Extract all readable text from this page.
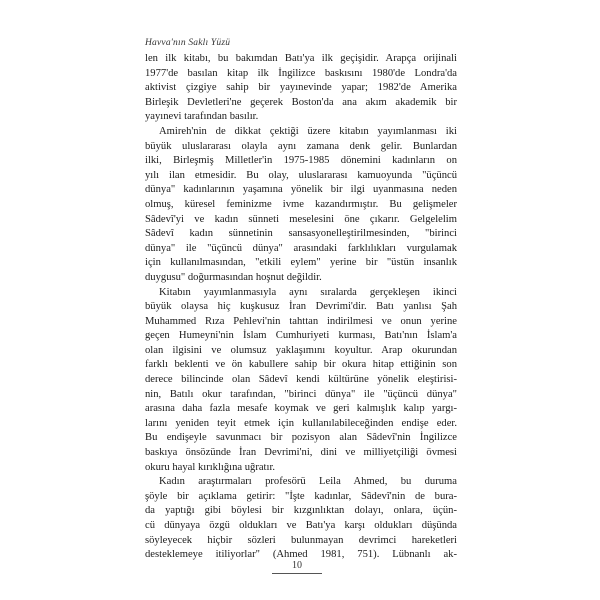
Havva'nın Saklı Yüzü
len ilk kitabı, bu bakımdan Batı'ya ilk geçişidir. Arapça orijinali
1977'de basılan kitap ilk İngilizce baskısını 1980'de Londra'da
aktivist çizgiye sahip bir yayınevinde yapar; 1982'de Amerika
Birleşik Devletleri'ne geçerek Boston'da ana akım akademik bir
yayınevi tarafından basılır.
Amireh'nin de dikkat çektiği üzere kitabın yayımlanması iki
büyük uluslararası olayla aynı zamana denk gelir. Bunlardan
ilki, Birleşmiş Milletler'in 1975-1985 dönemini kadınların on
yılı ilan etmesidir. Bu olay, uluslararası kamuoyunda "üçüncü
dünya" kadınlarının yaşamına yönelik bir ilgi uyanmasına neden
olmuş, küresel feminizme ivme kazandırmıştır. Bu gelişmeler
Sâdevî'yi ve kadın sünneti meselesini öne çıkarır. Gelgelelim
Sâdevî kadın sünnetinin sansasyonelleştirilmesinden, "birinci
dünya" ile "üçüncü dünya" arasındaki farklılıkları vurgulamak
için kullanılmasından, "etkili eylem" yerine bir "üstün insanlık
duygusu" doğurmasından hoşnut değildir.
Kitabın yayımlanmasıyla aynı sıralarda gerçekleşen ikinci
büyük olaysa hiç kuşkusuz İran Devrimi'dir. Batı yanlısı Şah
Muhammed Rıza Pehlevi'nin tahttan indirilmesi ve onun yerine
geçen Humeyni'nin İslam Cumhuriyeti kurması, Batı'nın İslam'a
olan ilgisini ve olumsuz yaklaşımını koyultur. Arap okurundan
farklı beklenti ve ön kabullere sahip bir okura hitap ettiğinin son
derece bilincinde olan Sâdevî kendi kültürüne yönelik eleştirisi-
nin, Batılı okur tarafından, "birinci dünya" ile "üçüncü dünya"
arasına daha fazla mesafe koymak ve geri kalmışlık kalıp yargı-
larını yeniden teyit etmek için kullanılabileceğinden endişe eder.
Bu endişeyle savunmacı bir pozisyon alan Sâdevî'nin İngilizce
baskıya önsözünde İran Devrimi'ni, dini ve milliyetçiliği övmesi
okuru hayal kırıklığına uğratır.
Kadın araştırmaları profesörü Leila Ahmed, bu duruma
şöyle bir açıklama getirir: "İşte kadınlar, Sâdevî'nin de bura-
da yaptığı gibi böylesi bir kızgınlıktan dolayı, onlara, üçün-
cü dünyaya özgü oldukları ve Batı'ya karşı oldukları düşünda
söyleyecek hiçbir sözleri bulunmayan devrimci hareketleri
desteklemeye itiliyorlar" (Ahmed 1981, 751). Lübnanlı ak-
10
